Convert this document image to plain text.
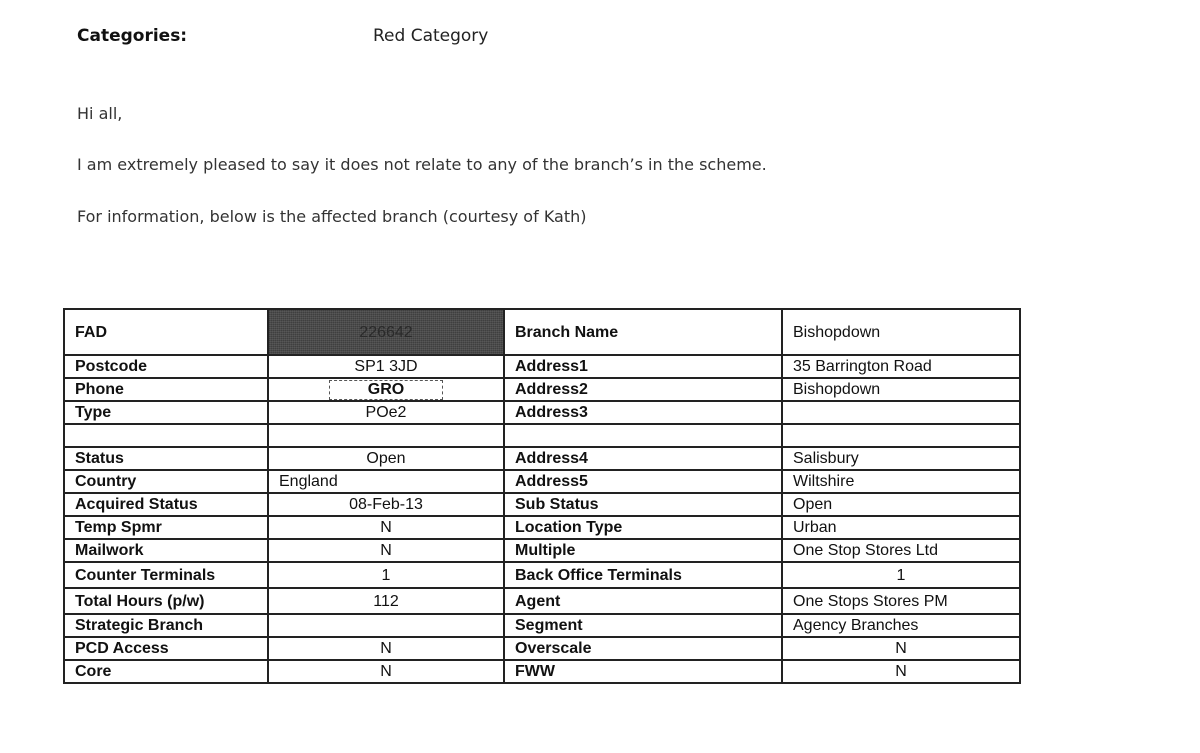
Categories:	Red Category
Hi all,
I am extremely pleased to say it does not relate to any of the branch’s in the scheme.
For information, below is the affected branch (courtesy of Kath)
FAD	226642	Branch Name	Bishopdown
Postcode	SP1 3JD	Address1	35 Barrington Road
Phone	GRO	Address2	Bishopdown
Type	POe2	Address3	

Status	Open	Address4	Salisbury
Country	England	Address5	Wiltshire
Acquired Status	08-Feb-13	Sub Status	Open
Temp Spmr	N	Location Type	Urban
Mailwork	N	Multiple	One Stop Stores Ltd
Counter Terminals	1	Back Office Terminals	1
Total Hours (p/w)	112	Agent	One Stops Stores PM
Strategic Branch		Segment	Agency Branches
PCD Access	N	Overscale	N
Core	N	FWW	N
